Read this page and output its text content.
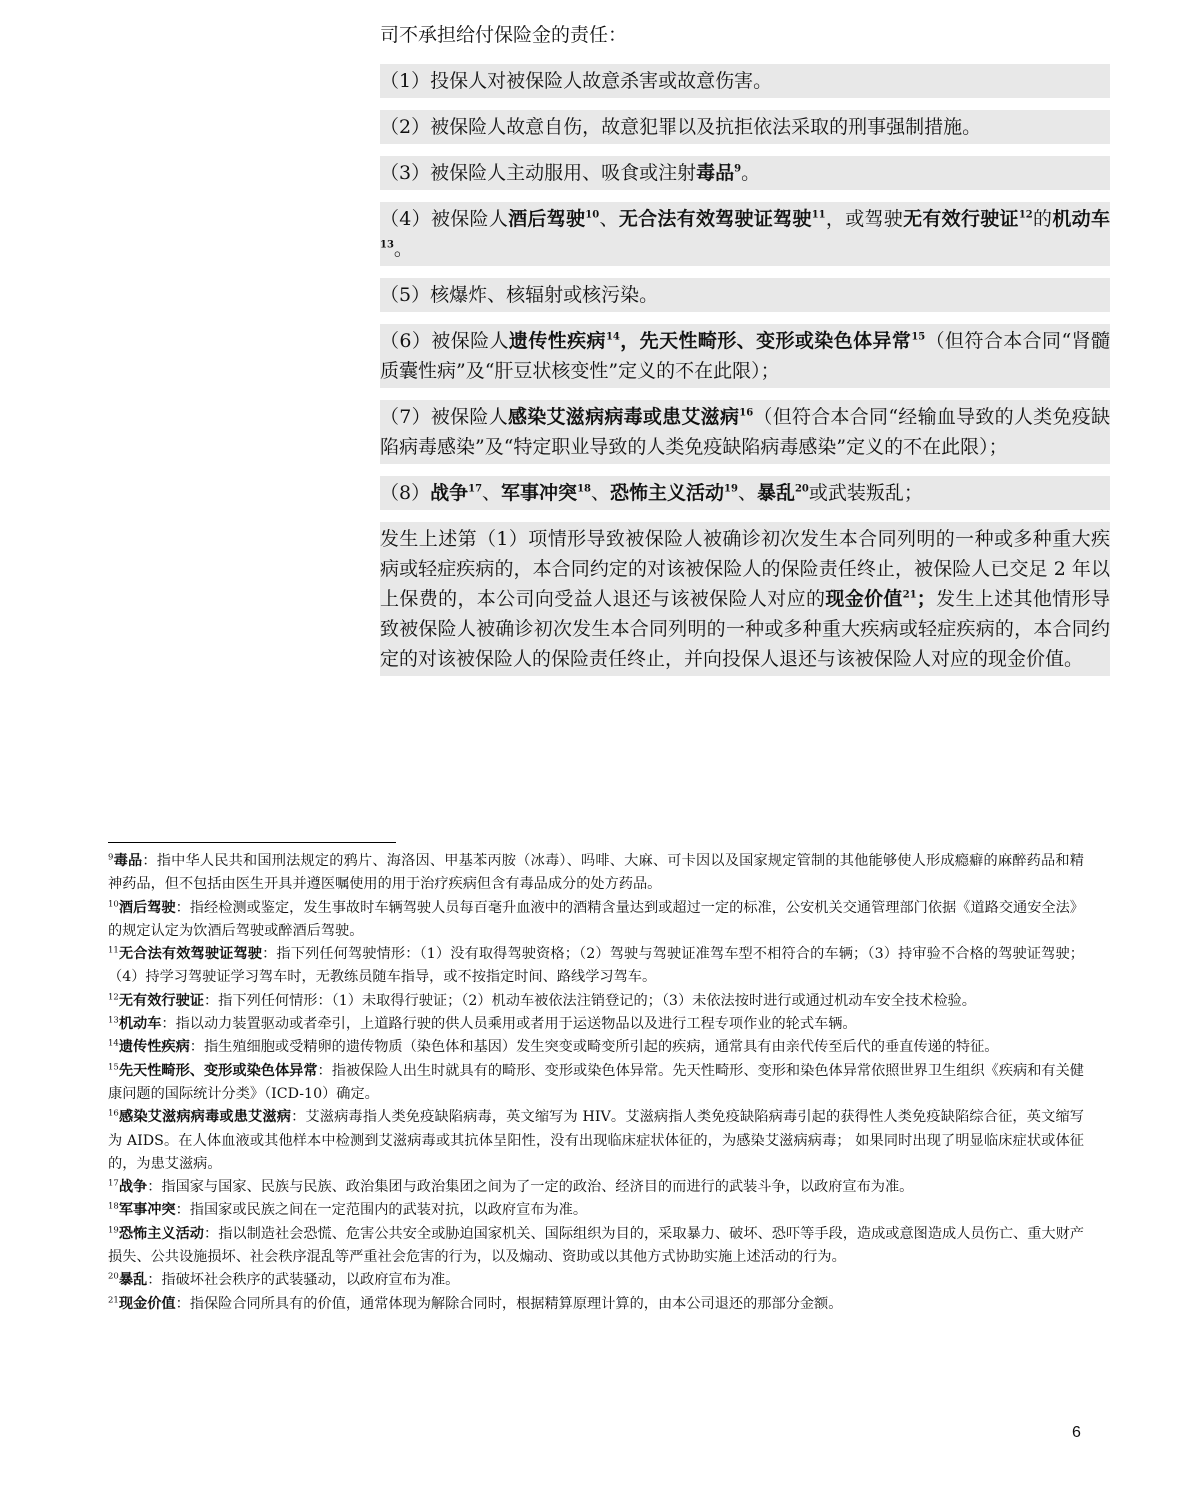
司不承担给付保险金的责任：

（1）投保人对被保险人故意杀害或故意伤害。

（2）被保险人故意自伤，故意犯罪以及抗拒依法采取的刑事强制措施。

（3）被保险人主动服用、吸食或注射毒品$^9$。

（4）被保险人酒后驾驶$^{10}$、无合法有效驾驶证驾驶$^{11}$，或驾驶无有效行驶证$^{12}$的机动车$^{13}$。

（5）核爆炸、核辐射或核污染。

（6）被保险人遗传性疾病$^{14}$，先天性畸形、变形或染色体异常$^{15}$（但符合本合同“肾髓质囊性病”及“肝豆状核变性”定义的不在此限）；

（7）被保险人感染艾滋病病毒或患艾滋病$^{16}$（但符合本合同“经输血导致的人类免疫缺陷病毒感染”及“特定职业导致的人类免疫缺陷病毒感染”定义的不在此限）；

（8）战争$^{17}$、军事冲突$^{18}$、恐怖主义活动$^{19}$、暴乱$^{20}$或武装叛乱；

发生上述第（1）项情形导致被保险人被确诊初次发生本合同列明的一种或多种重大疾病或轻症疾病的，本合同约定的对该被保险人的保险责任终止，被保险人已交足 2 年以上保费的，本公司向受益人退还与该被保险人对应的现金价值$^{21}$；发生上述其他情形导致被保险人被确诊初次发生本合同列明的一种或多种重大疾病或轻症疾病的，本合同约定的对该被保险人的保险责任终止，并向投保人退还与该被保险人对应的现金价值。

$^9$毒品：指中华人民共和国刑法规定的鸦片、海洛因、甲基苯丙胺（冰毒）、吗啡、大麻、可卡因以及国家规定管制的其他能够使人形成瘾癖的麻醉药品和精神药品，但不包括由医生开具并遵医嘱使用的用于治疗疾病但含有毒品成分的处方药品。

$^{10}$酒后驾驶：指经检测或鉴定，发生事故时车辆驾驶人员每百毫升血液中的酒精含量达到或超过一定的标准，公安机关交通管理部门依据《道路交通安全法》的规定认定为饮酒后驾驶或醉酒后驾驶。

$^{11}$无合法有效驾驶证驾驶：指下列任何驾驶情形：（1）没有取得驾驶资格；（2）驾驶与驾驶证准驾车型不相符合的车辆；（3）持审验不合格的驾驶证驾驶；（4）持学习驾驶证学习驾车时，无教练员随车指导，或不按指定时间、路线学习驾车。

$^{12}$无有效行驶证：指下列任何情形：（1）未取得行驶证；（2）机动车被依法注销登记的；（3）未依法按时进行或通过机动车安全技术检验。

$^{13}$机动车：指以动力装置驱动或者牵引，上道路行驶的供人员乘用或者用于运送物品以及进行工程专项作业的轮式车辆。

$^{14}$遗传性疾病：指生殖细胞或受精卵的遗传物质（染色体和基因）发生突变或畸变所引起的疾病，通常具有由亲代传至后代的垂直传递的特征。

$^{15}$先天性畸形、变形或染色体异常：指被保险人出生时就具有的畸形、变形或染色体异常。先天性畸形、变形和染色体异常依照世界卫生组织《疾病和有关健康问题的国际统计分类》（ICD-10）确定。

$^{16}$感染艾滋病病毒或患艾滋病：艾滋病毒指人类免疫缺陷病毒，英文缩写为 HIV。艾滋病指人类免疫缺陷病毒引起的获得性人类免疫缺陷综合征，英文缩写为 AIDS。在人体血液或其他样本中检测到艾滋病毒或其抗体呈阳性，没有出现临床症状体征的，为感染艾滋病病毒； 如果同时出现了明显临床症状或体征的，为患艾滋病。

$^{17}$战争：指国家与国家、民族与民族、政治集团与政治集团之间为了一定的政治、经济目的而进行的武装斗争，以政府宣布为准。

$^{18}$军事冲突：指国家或民族之间在一定范围内的武装对抗，以政府宣布为准。

$^{19}$恐怖主义活动：指以制造社会恐慌、危害公共安全或胁迫国家机关、国际组织为目的，采取暴力、破坏、恐吓等手段，造成或意图造成人员伤亡、重大财产损失、公共设施损坏、社会秩序混乱等严重社会危害的行为，以及煽动、资助或以其他方式协助实施上述活动的行为。

$^{20}$暴乱：指破坏社会秩序的武装骚动，以政府宣布为准。

$^{21}$现金价值：指保险合同所具有的价值，通常体现为解除合同时，根据精算原理计算的，由本公司退还的那部分金额。

6
